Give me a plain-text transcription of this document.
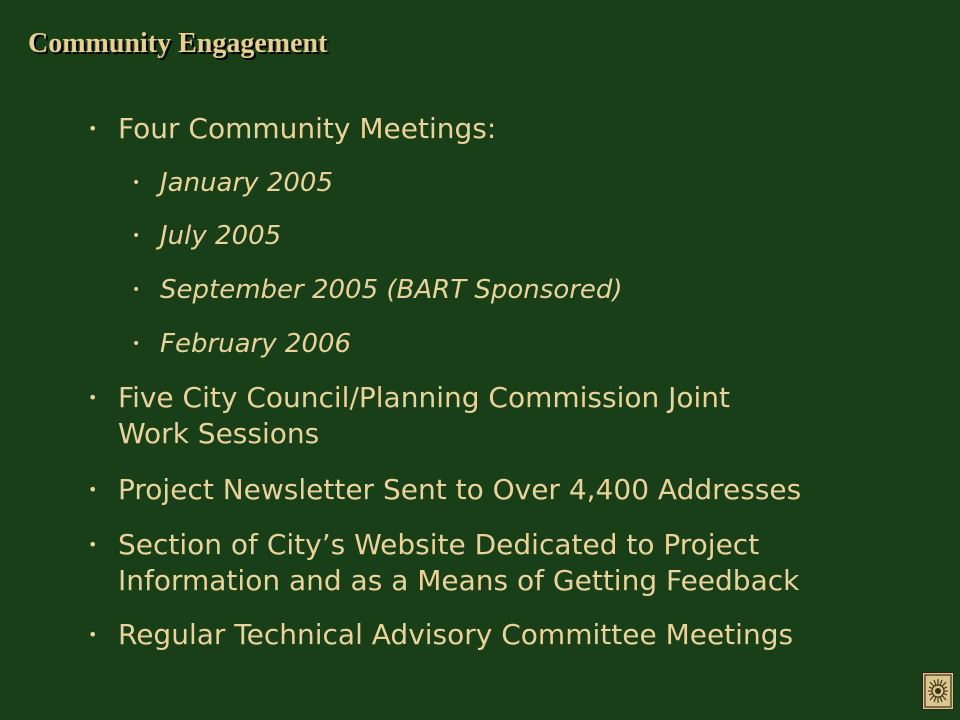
Community Engagement
• Four Community Meetings:
• January 2005
• July 2005
• September 2005 (BART Sponsored)
• February 2006
• Five City Council/Planning Commission Joint
Work Sessions
• Project Newsletter Sent to Over 4,400 Addresses
• Section of City’s Website Dedicated to Project
Information and as a Means of Getting Feedback
• Regular Technical Advisory Committee Meetings
